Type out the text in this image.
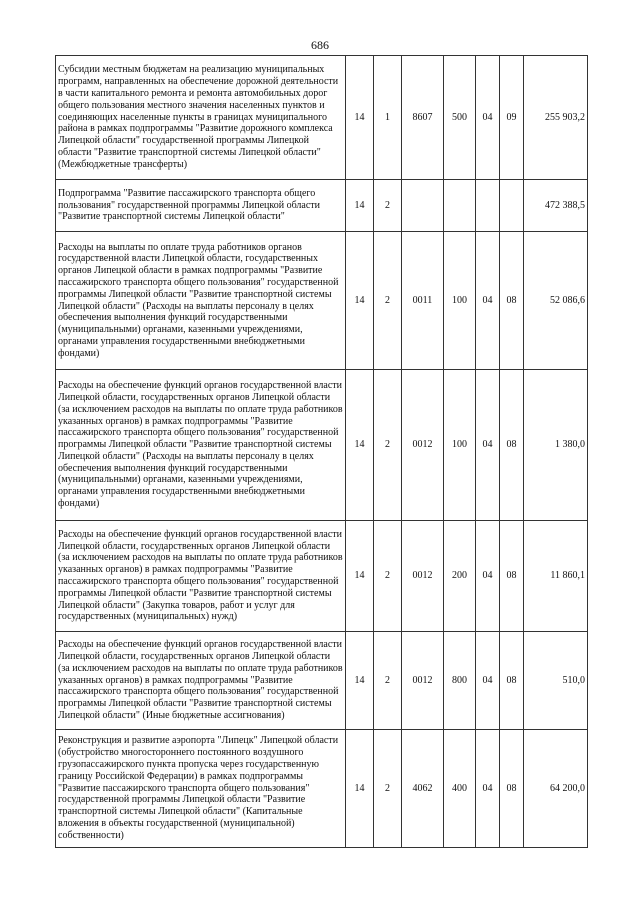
686
Субсидии местным бюджетам на реализацию муниципальных программ, направленных на обеспечение дорожной деятельности в части капитального ремонта и ремонта автомобильных дорог общего пользования местного значения населенных пунктов и соединяющих населенные пункты в границах муниципального района в рамках подпрограммы "Развитие дорожного комплекса Липецкой области" государственной программы Липецкой области "Развитие транспортной системы Липецкой области" (Межбюджетные трансферты)	14	1	8607	500	04	09	255 903,2
Подпрограмма "Развитие пассажирского транспорта общего пользования" государственной программы Липецкой области "Развитие транспортной системы Липецкой области"	14	2					472 388,5
Расходы на выплаты по оплате труда работников органов государственной власти Липецкой области, государственных органов Липецкой области в рамках подпрограммы "Развитие пассажирского транспорта общего пользования" государственной программы Липецкой области "Развитие транспортной системы Липецкой области" (Расходы на выплаты персоналу в целях обеспечения выполнения функций государственными (муниципальными) органами, казенными учреждениями, органами управления государственными внебюджетными фондами)	14	2	0011	100	04	08	52 086,6
Расходы на обеспечение функций органов государственной власти Липецкой области, государственных органов Липецкой области (за исключением расходов на выплаты по оплате труда работников указанных органов) в рамках подпрограммы "Развитие пассажирского транспорта общего пользования" государственной программы Липецкой области "Развитие транспортной системы Липецкой области" (Расходы на выплаты персоналу в целях обеспечения выполнения функций государственными (муниципальными) органами, казенными учреждениями, органами управления государственными внебюджетными фондами)	14	2	0012	100	04	08	1 380,0
Расходы на обеспечение функций органов государственной власти Липецкой области, государственных органов Липецкой области (за исключением расходов на выплаты по оплате труда работников указанных органов) в рамках подпрограммы "Развитие пассажирского транспорта общего пользования" государственной программы Липецкой области "Развитие транспортной системы Липецкой области" (Закупка товаров, работ и услуг для государственных (муниципальных) нужд)	14	2	0012	200	04	08	11 860,1
Расходы на обеспечение функций органов государственной власти Липецкой области, государственных органов Липецкой области (за исключением расходов на выплаты по оплате труда работников указанных органов) в рамках подпрограммы "Развитие пассажирского транспорта общего пользования" государственной программы Липецкой области "Развитие транспортной системы Липецкой области" (Иные бюджетные ассигнования)	14	2	0012	800	04	08	510,0
Реконструкция и развитие аэропорта "Липецк" Липецкой области (обустройство многостороннего постоянного воздушного грузопассажирского пункта пропуска через государственную границу Российской Федерации) в рамках подпрограммы "Развитие пассажирского транспорта общего пользования" государственной программы Липецкой области "Развитие транспортной системы Липецкой области" (Капитальные вложения в объекты государственной (муниципальной) собственности)	14	2	4062	400	04	08	64 200,0
